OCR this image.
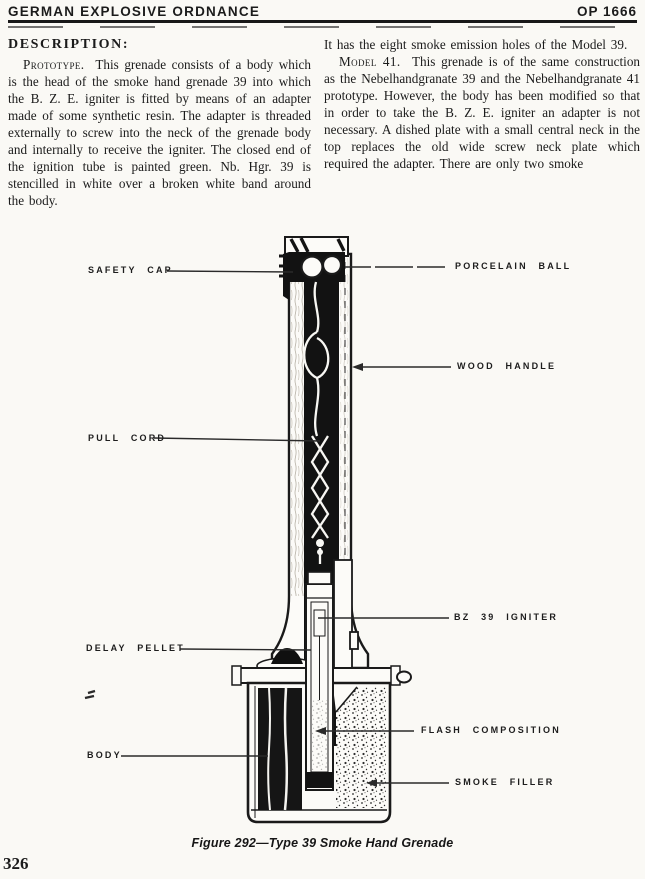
GERMAN EXPLOSIVE ORDNANCE	OP 1666
DESCRIPTION:

Prototype. This grenade consists of a body which is the head of the smoke hand grenade 39 into which the B. Z. E. igniter is fitted by means of an adapter made of some synthetic resin. The adapter is threaded externally to screw into the neck of the grenade body and internally to receive the igniter. The closed end of the ignition tube is painted green. Nb. Hgr. 39 is stencilled in white over a broken white band around the body.

It has the eight smoke emission holes of the Model 39.

Model 41. This grenade is of the same construction as the Nebelhandgranate 39 and the Nebelhandgranate 41 prototype. However, the body has been modified so that in order to take the B. Z. E. igniter an adapter is not necessary. A dished plate with a small central neck in the top replaces the old wide screw neck plate which required the adapter. There are only two smoke

SAFETY CAP	PORCELAIN BALL
WOOD HANDLE
PULL CORD
BZ 39 IGNITER
DELAY PELLET
FLASH COMPOSITION
BODY
SMOKE FILLER
Figure 292—Type 39 Smoke Hand Grenade
326
